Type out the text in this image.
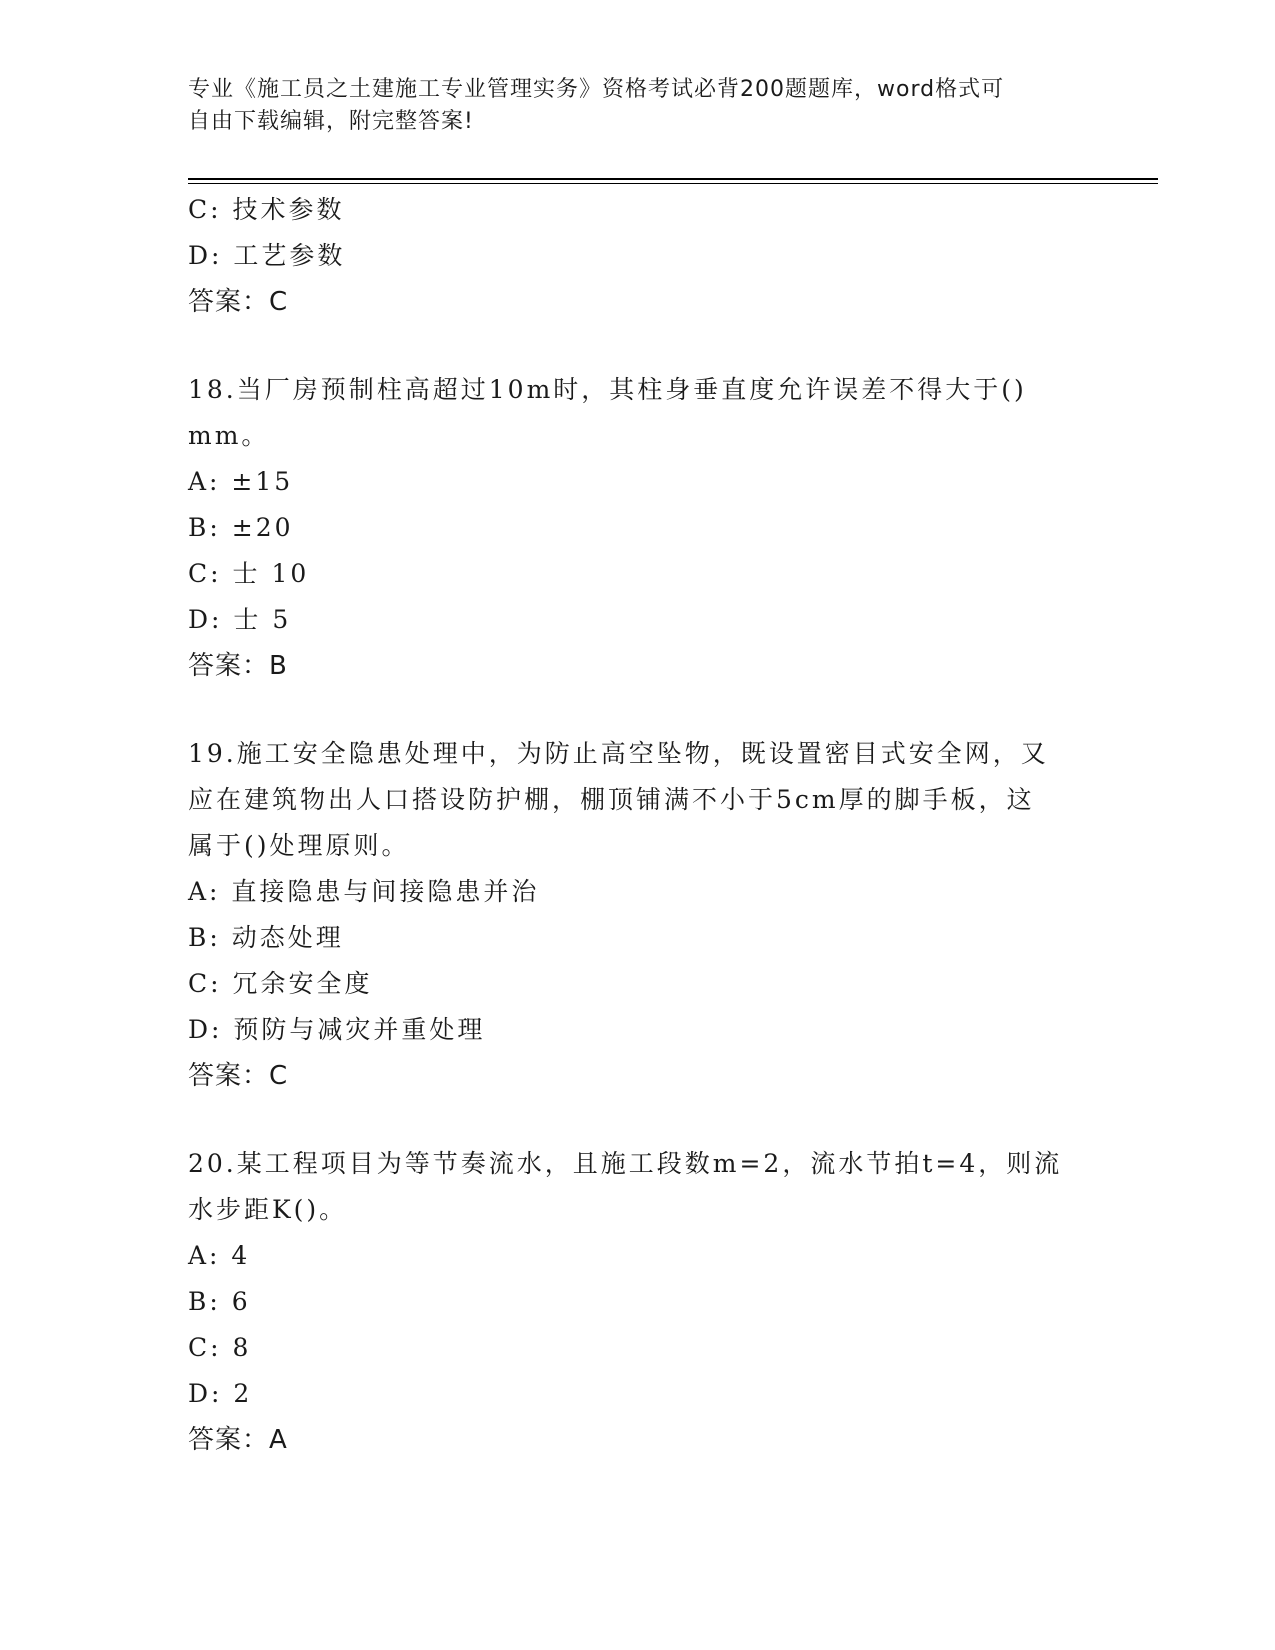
专业《施工员之土建施工专业管理实务》资格考试必背200题题库，word格式可
自由下载编辑，附完整答案!
C: 技术参数
D: 工艺参数
答案：C
18.当厂房预制柱高超过10m时，其柱身垂直度允许误差不得大于()
mm。
A: ±15
B: ±20
C: 士 10
D: 士 5
答案：B
19.施工安全隐患处理中，为防止高空坠物，既设置密目式安全网，又
应在建筑物出人口搭设防护棚，棚顶铺满不小于5cm厚的脚手板，这
属于()处理原则。
A: 直接隐患与间接隐患并治
B: 动态处理
C: 冗余安全度
D: 预防与减灾并重处理
答案：C
20.某工程项目为等节奏流水，且施工段数m=2，流水节拍t=4，则流
水步距K()。
A: 4
B: 6
C: 8
D: 2
答案：A
